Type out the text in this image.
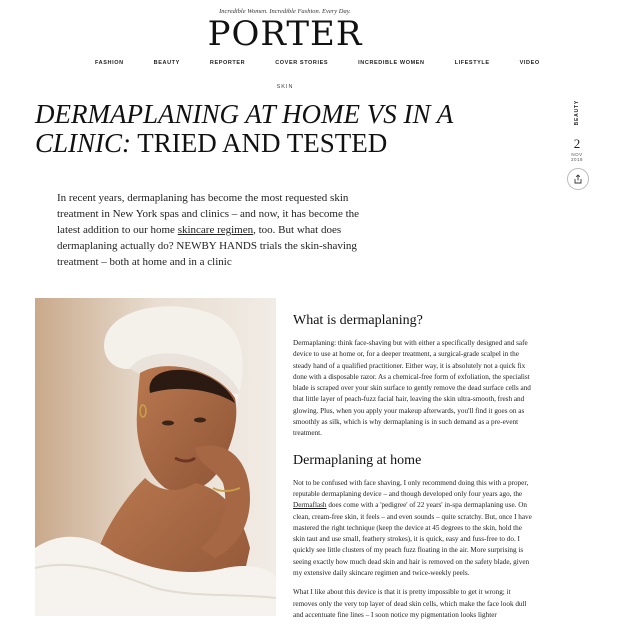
Incredible Women. Incredible Fashion. Every Day.
PORTER
FASHION	BEAUTY	REPORTER	COVER STORIES	INCREDIBLE WOMEN	LIFESTYLE	VIDEO
SKIN
DERMAPLANING AT HOME VS IN A CLINIC: TRIED AND TESTED

In recent years, dermaplaning has become the most requested skin treatment in New York spas and clinics – and now, it has become the latest addition to our home skincare regimen, too. But what does dermaplaning actually do? NEWBY HANDS trials the skin-shaving treatment – both at home and in a clinic

BEAUTY
2
NOV
2018
What is dermaplaning?

Dermaplaning: think face-shaving but with either a specifically designed and safe device to use at home or, for a deeper treatment, a surgical-grade scalpel in the steady hand of a qualified practitioner. Either way, it is absolutely not a quick fix done with a disposable razor. As a chemical-free form of exfoliation, the specialist blade is scraped over your skin surface to gently remove the dead surface cells and that little layer of peach-fuzz facial hair, leaving the skin ultra-smooth, fresh and glowing. Plus, when you apply your makeup afterwards, you'll find it goes on as smoothly as silk, which is why dermaplaning is in such demand as a pre-event treatment.

Dermaplaning at home

Not to be confused with face shaving, I only recommend doing this with a proper, reputable dermaplaning device – and though developed only four years ago, the Dermaflash does come with a 'pedigree' of 22 years' in-spa dermaplaning use. On clean, cream-free skin, it feels – and even sounds – quite scratchy. But, once I have mastered the right technique (keep the device at 45 degrees to the skin, hold the skin taut and use small, feathery strokes), it is quick, easy and fuss-free to do. I quickly see little clusters of my peach fuzz floating in the air. More surprising is seeing exactly how much dead skin and hair is removed on the safety blade, given my extensive daily skincare regimen and twice-weekly peels.

What I like about this device is that it is pretty impossible to get it wrong; it removes only the very top layer of dead skin cells, which make the face look dull and accentuate fine lines – I soon notice my pigmentation looks lighter
